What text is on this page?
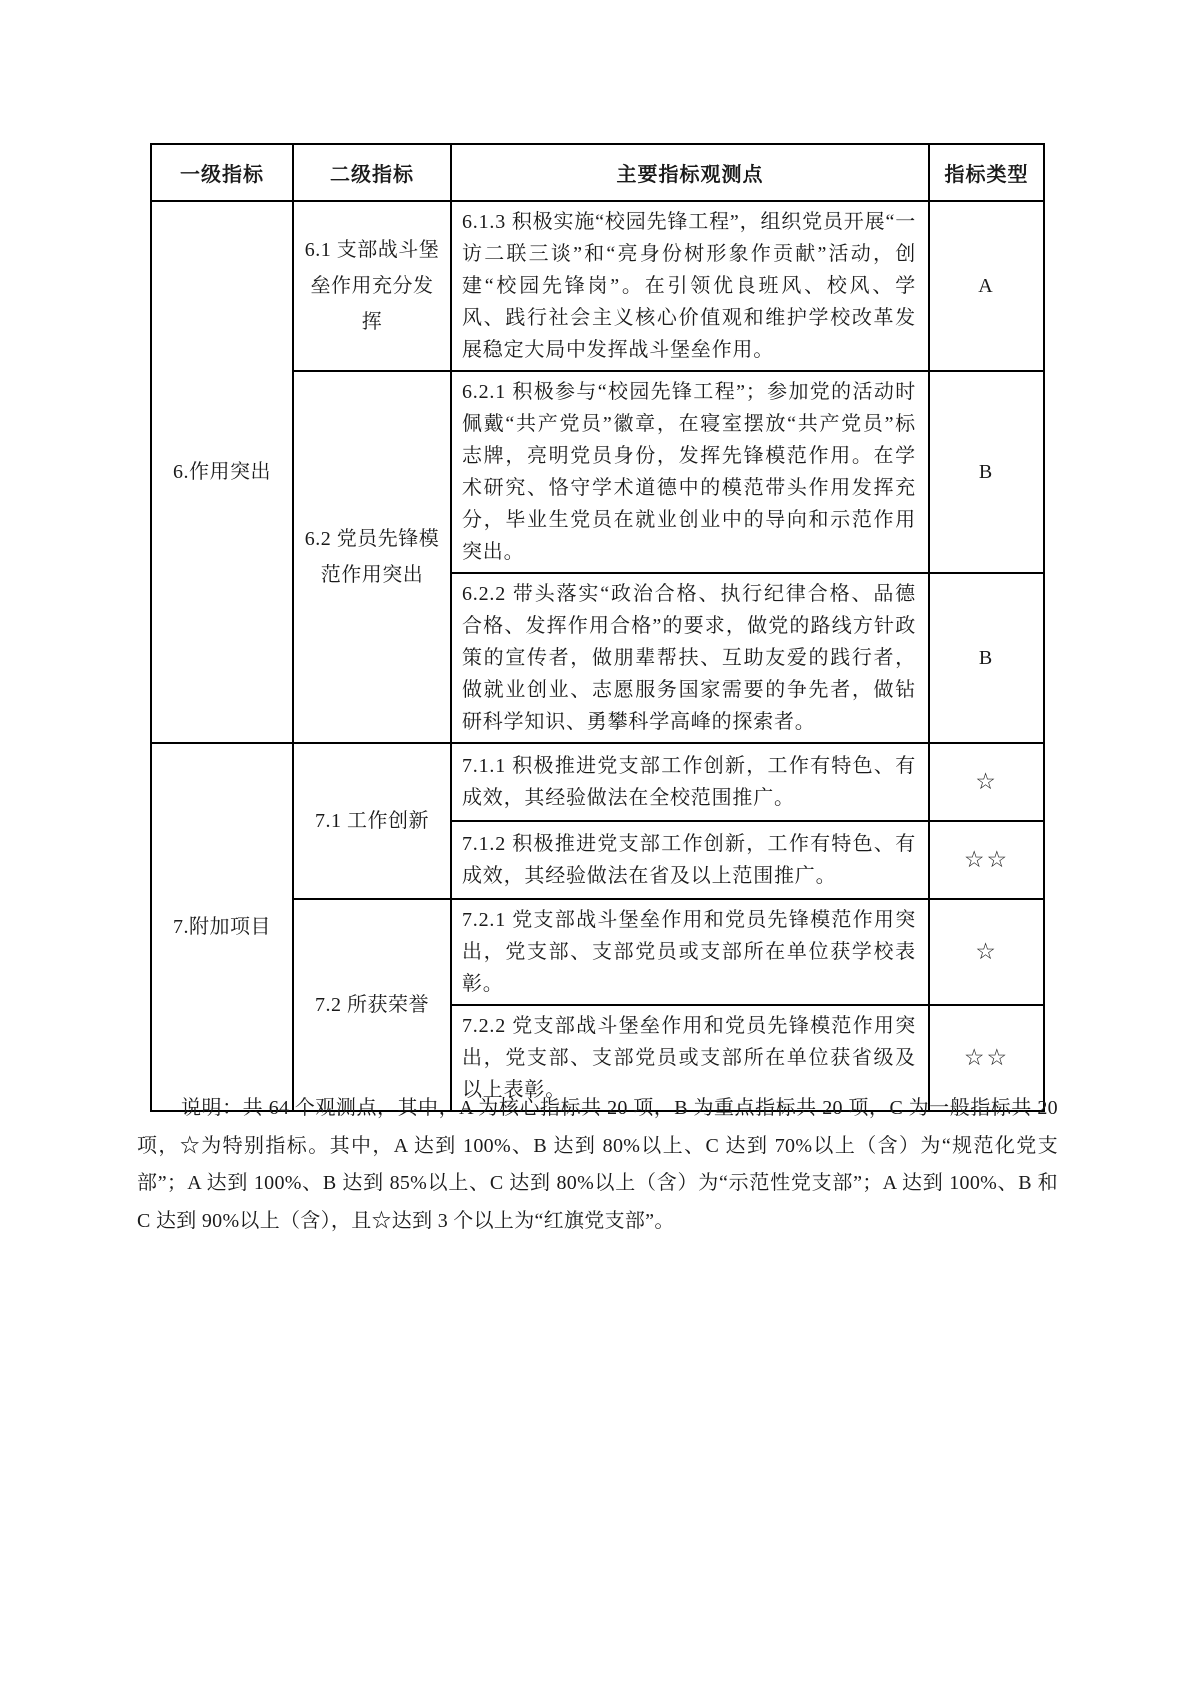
一级指标	二级指标	主要指标观测点	指标类型
6.作用突出	6.1 支部战斗堡垒作用充分发挥	6.1.3 积极实施“校园先锋工程”，组织党员开展“一访二联三谈”和“亮身份树形象作贡献”活动，创建“校园先锋岗”。在引领优良班风、校风、学风、践行社会主义核心价值观和维护学校改革发展稳定大局中发挥战斗堡垒作用。	A
	6.2 党员先锋模范作用突出	6.2.1 积极参与“校园先锋工程”；参加党的活动时佩戴“共产党员”徽章，在寝室摆放“共产党员”标志牌，亮明党员身份，发挥先锋模范作用。在学术研究、恪守学术道德中的模范带头作用发挥充分，毕业生党员在就业创业中的导向和示范作用突出。	B
		6.2.2 带头落实“政治合格、执行纪律合格、品德合格、发挥作用合格”的要求，做党的路线方针政策的宣传者，做朋辈帮扶、互助友爱的践行者，做就业创业、志愿服务国家需要的争先者，做钻研科学知识、勇攀科学高峰的探索者。	B
7.附加项目	7.1 工作创新	7.1.1 积极推进党支部工作创新，工作有特色、有成效，其经验做法在全校范围推广。	☆
		7.1.2 积极推进党支部工作创新，工作有特色、有成效，其经验做法在省及以上范围推广。	☆☆
	7.2 所获荣誉	7.2.1 党支部战斗堡垒作用和党员先锋模范作用突出，党支部、支部党员或支部所在单位获学校表彰。	☆
		7.2.2 党支部战斗堡垒作用和党员先锋模范作用突出，党支部、支部党员或支部所在单位获省级及以上表彰。	☆☆

说明：共 64 个观测点，其中，A 为核心指标共 20 项，B 为重点指标共 20 项，C 为一般指标共 20 项，☆为特别指标。其中，A 达到 100%、B 达到 80%以上、C 达到 70%以上（含）为“规范化党支部”；A 达到 100%、B 达到 85%以上、C 达到 80%以上（含）为“示范性党支部”；A 达到 100%、B 和 C 达到 90%以上（含），且☆达到 3 个以上为“红旗党支部”。
